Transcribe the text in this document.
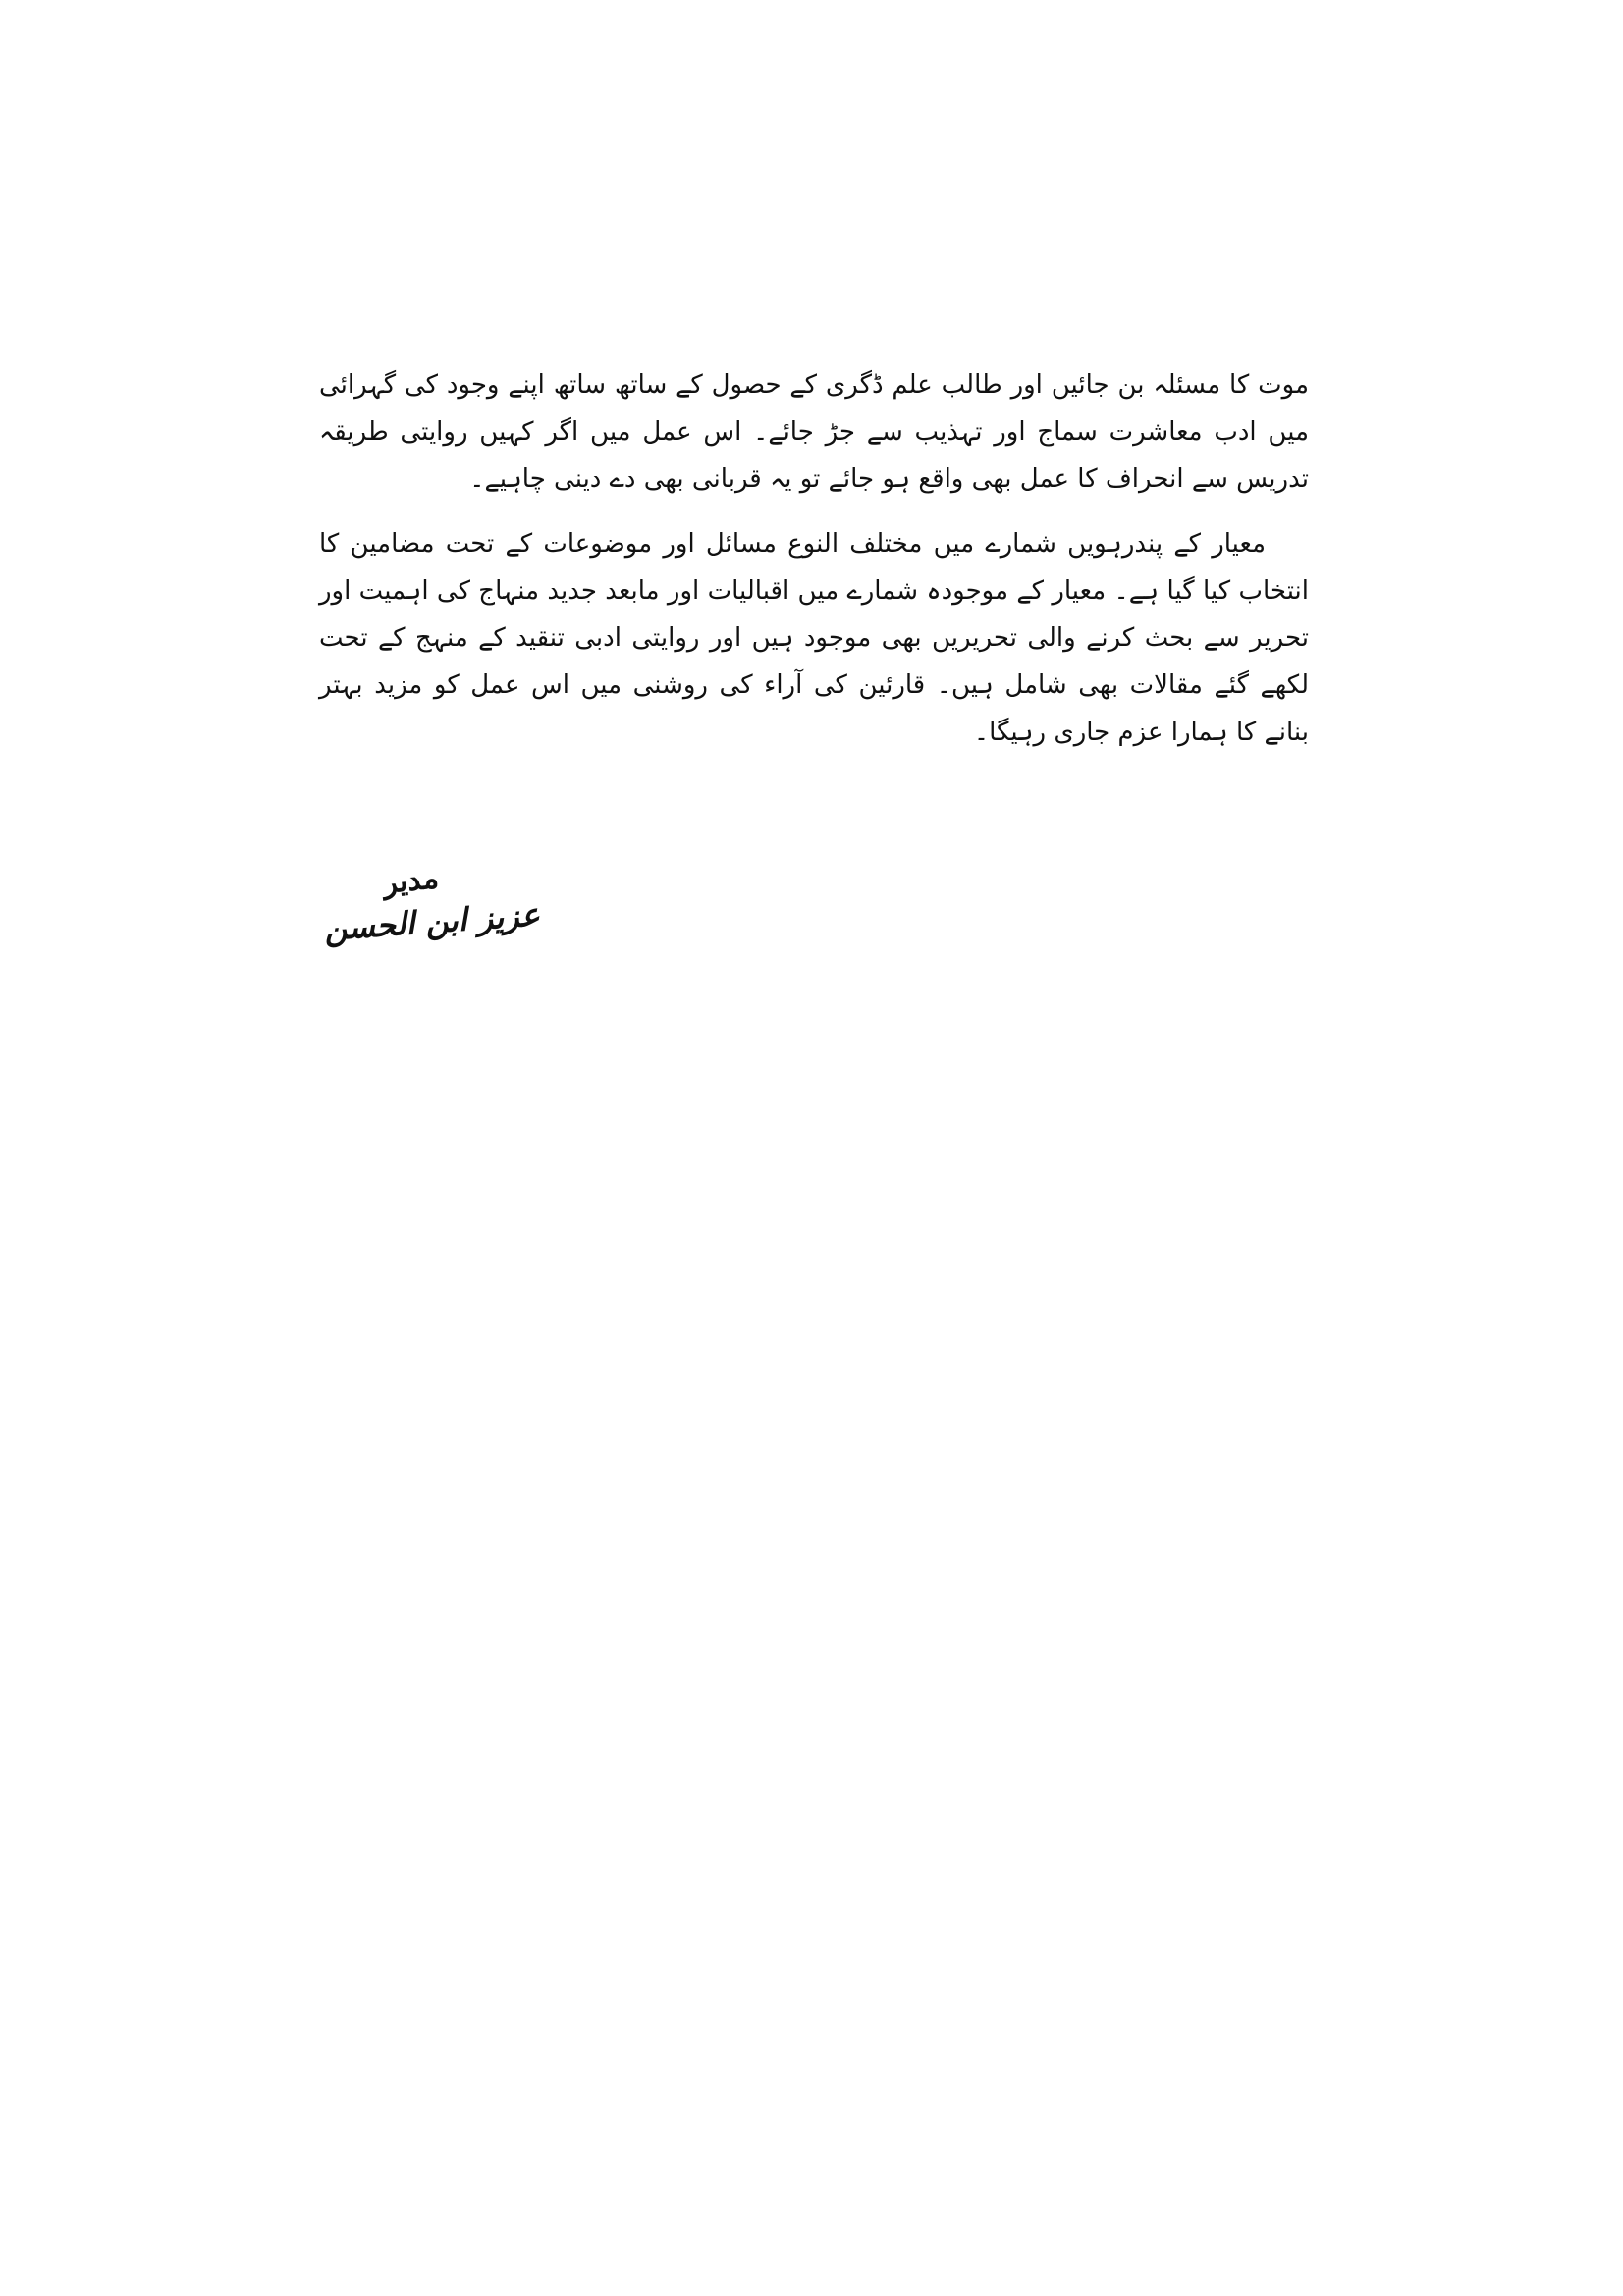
موت کا مسئلہ بن جائیں اور طالب علم ڈگری کے حصول کے ساتھ ساتھ اپنے وجود کی گہرائی میں ادب معاشرت سماج اور تہذیب سے جڑ جائے۔ اس عمل میں اگر کہیں روایتی طریقہ تدریس سے انحراف کا عمل بھی واقع ہو جائے تو یہ قربانی بھی دے دینی چاہیے۔

معیار کے پندرہویں شمارے میں مختلف النوع مسائل اور موضوعات کے تحت مضامین کا انتخاب کیا گیا ہے۔ معیار کے موجودہ شمارے میں اقبالیات اور مابعد جدید منہاج کی اہمیت اور تحریر سے بحث کرنے والی تحریریں بھی موجود ہیں اور روایتی ادبی تنقید کے منہج کے تحت لکھے گئے مقالات بھی شامل ہیں۔ قارئین کی آراء کی روشنی میں اس عمل کو مزید بہتر بنانے کا ہمارا عزم جاری رہیگا۔

مدیر
عزیز ابن الحسن
